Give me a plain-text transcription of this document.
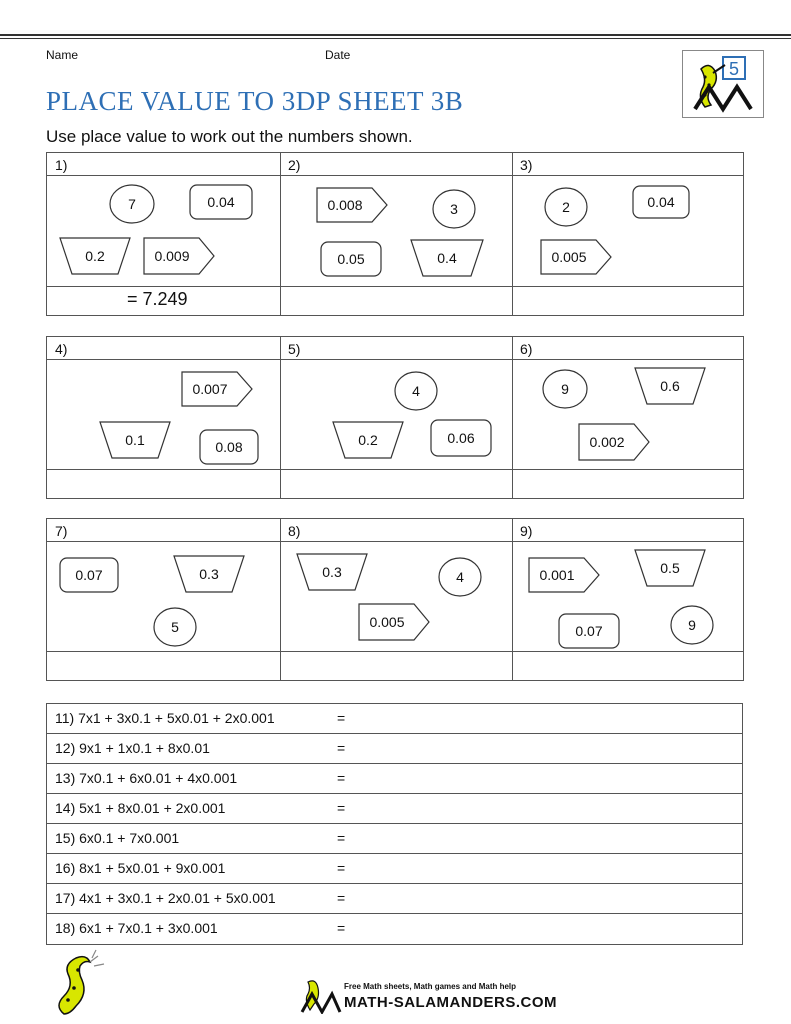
Name	Date
PLACE VALUE TO 3DP SHEET 3B
Use place value to work out the numbers shown.
5
1)
7	0.04
0.2	0.009
= 7.249
2)
0.008	3
0.05	0.4
3)
2	0.04
0.005
4)
0.007
0.1	0.08
5)
4
0.2	0.06
6)
9	0.6
0.002
7)
0.07	0.3
5
8)
0.3	4
0.005
9)
0.001	0.5
0.07	9
11) 7x1 + 3x0.1 + 5x0.01 + 2x0.001	=
12) 9x1 + 1x0.1 + 8x0.01	=
13) 7x0.1 + 6x0.01 + 4x0.001	=
14) 5x1 + 8x0.01 + 2x0.001	=
15) 6x0.1 + 7x0.001	=
16) 8x1 + 5x0.01 + 9x0.001	=
17) 4x1 + 3x0.1 + 2x0.01 + 5x0.001	=
18) 6x1 + 7x0.1 + 3x0.001	=
Free Math sheets, Math games and Math help
MATH-SALAMANDERS.COM
